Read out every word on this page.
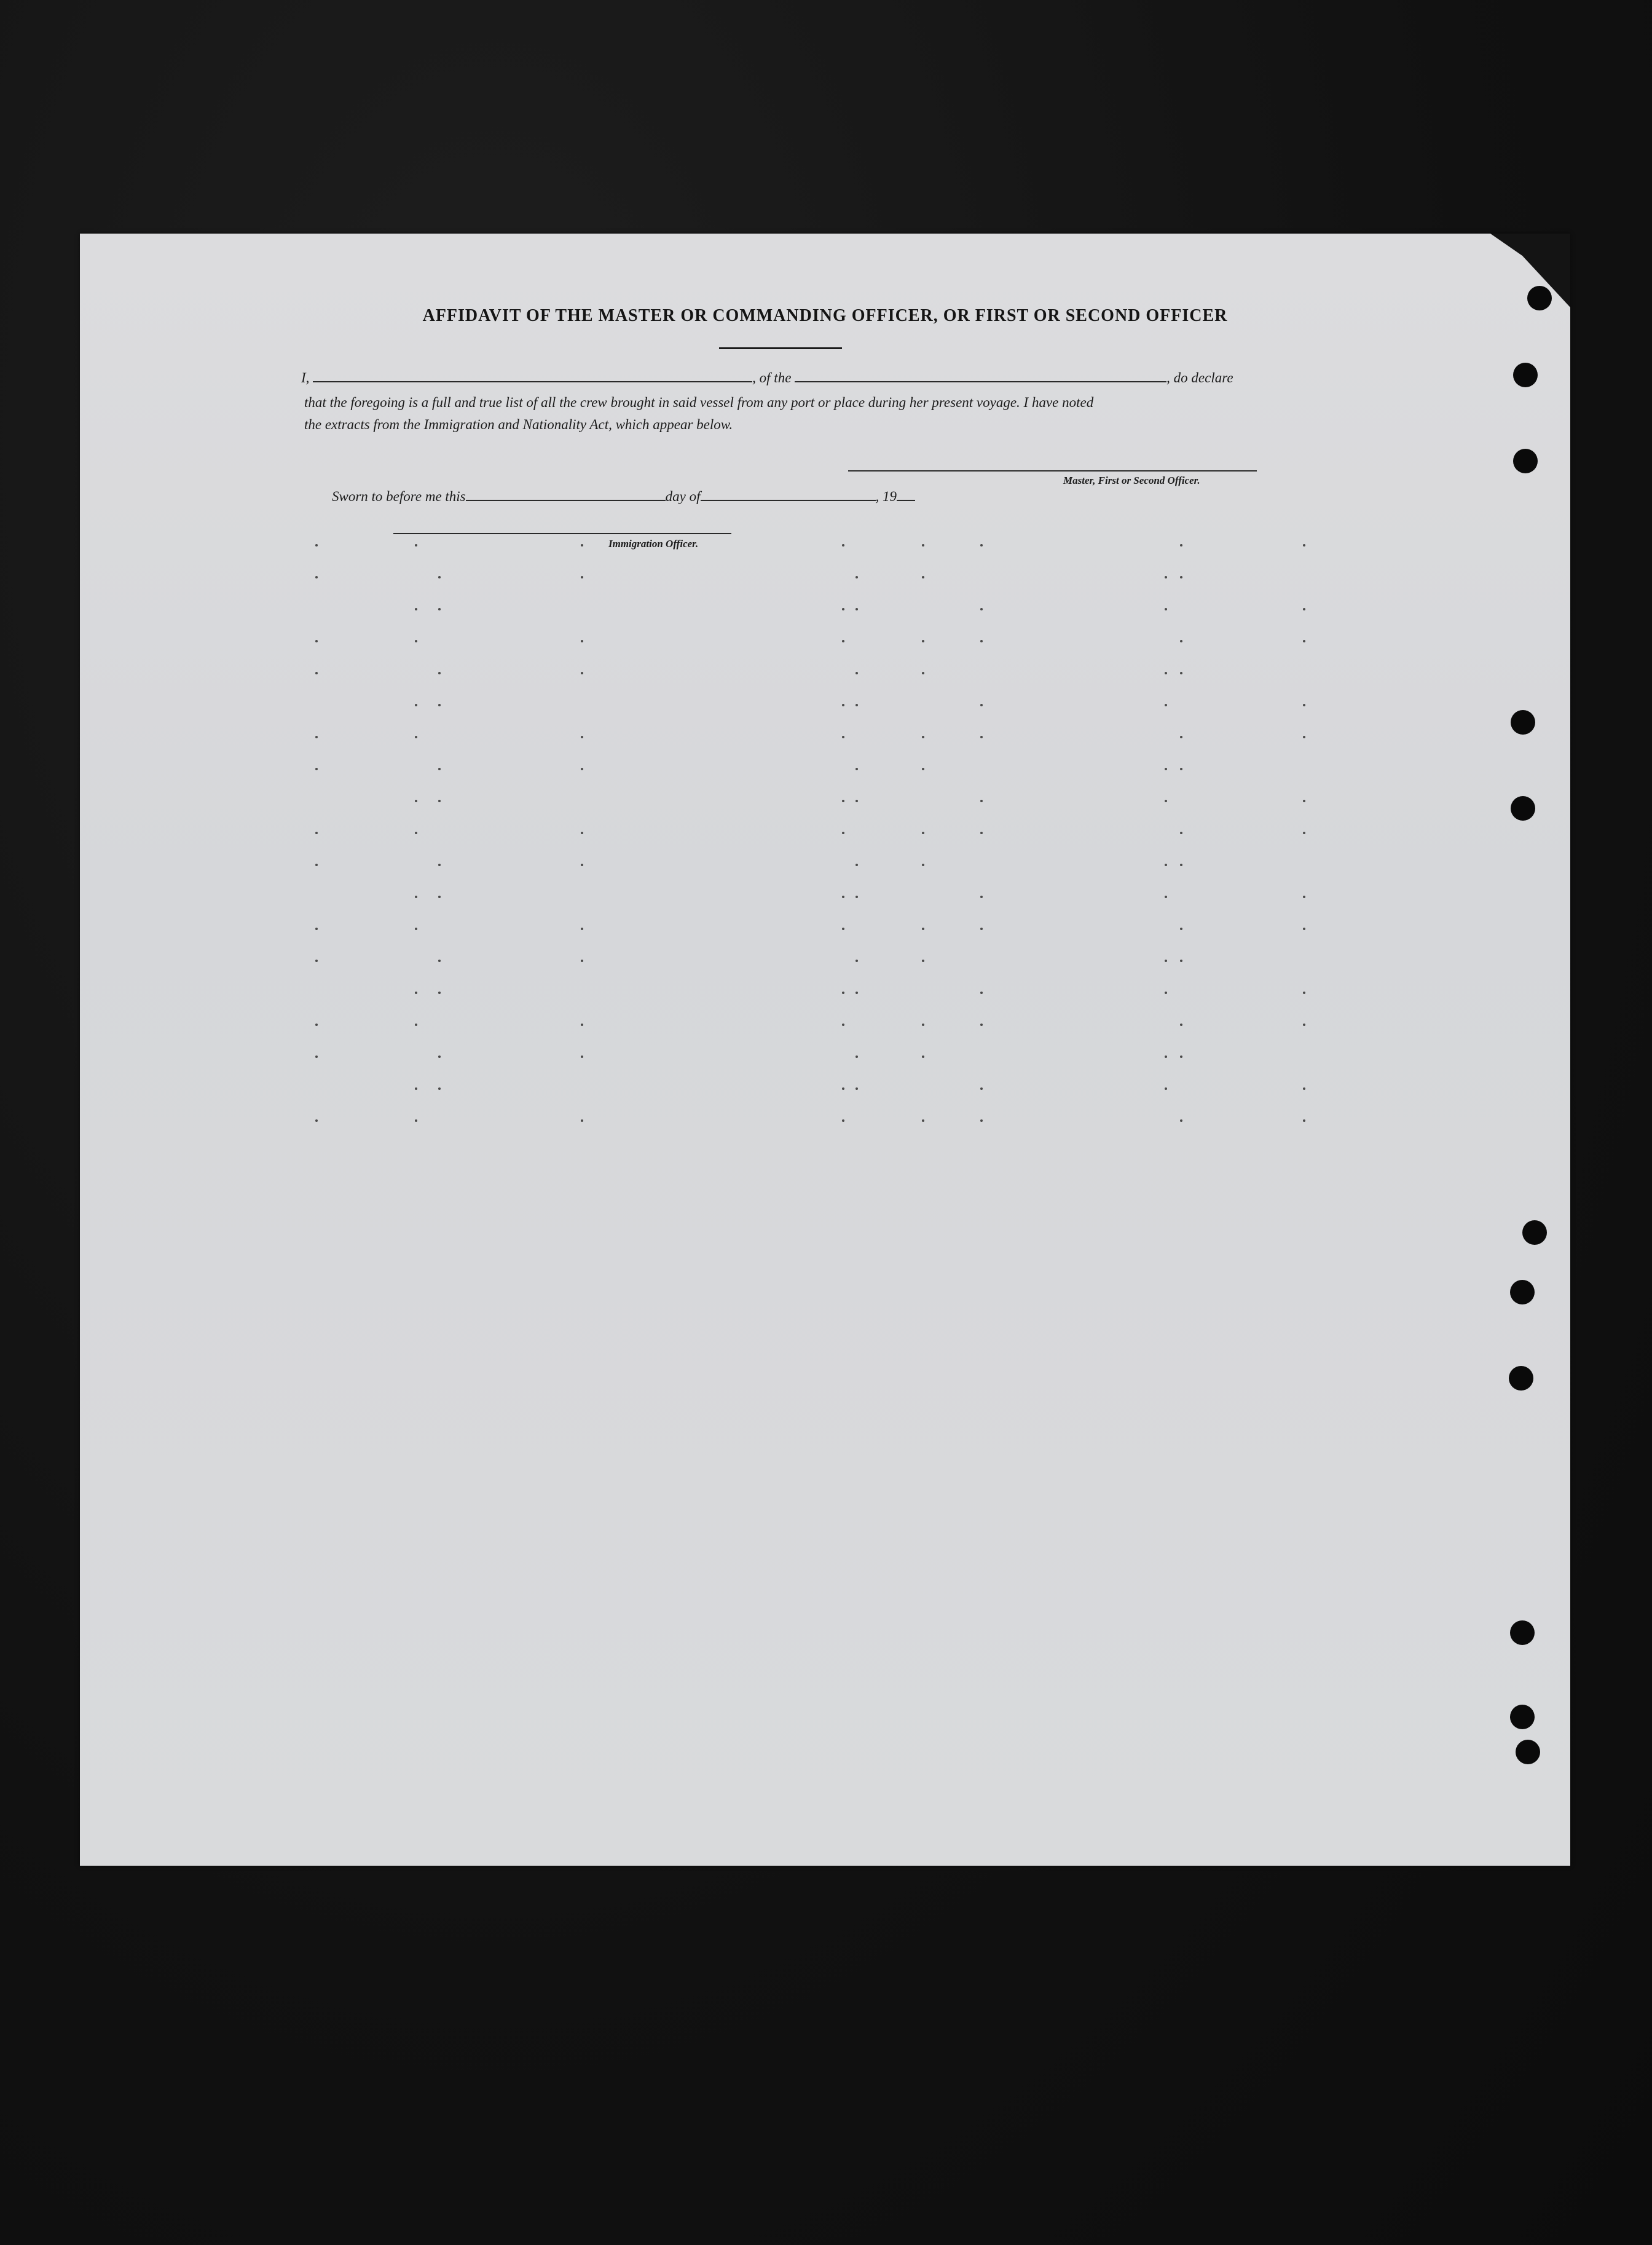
AFFIDAVIT OF THE MASTER OR COMMANDING OFFICER, OR FIRST OR SECOND OFFICER
I,	, of the	, do declare
that the foregoing is a full and true list of all the crew brought in said vessel from any port or place during her present voyage. I have noted
the extracts from the Immigration and Nationality Act, which appear below.
Master, First or Second Officer.
Sworn to before me this	day of	, 19
Immigration Officer.
